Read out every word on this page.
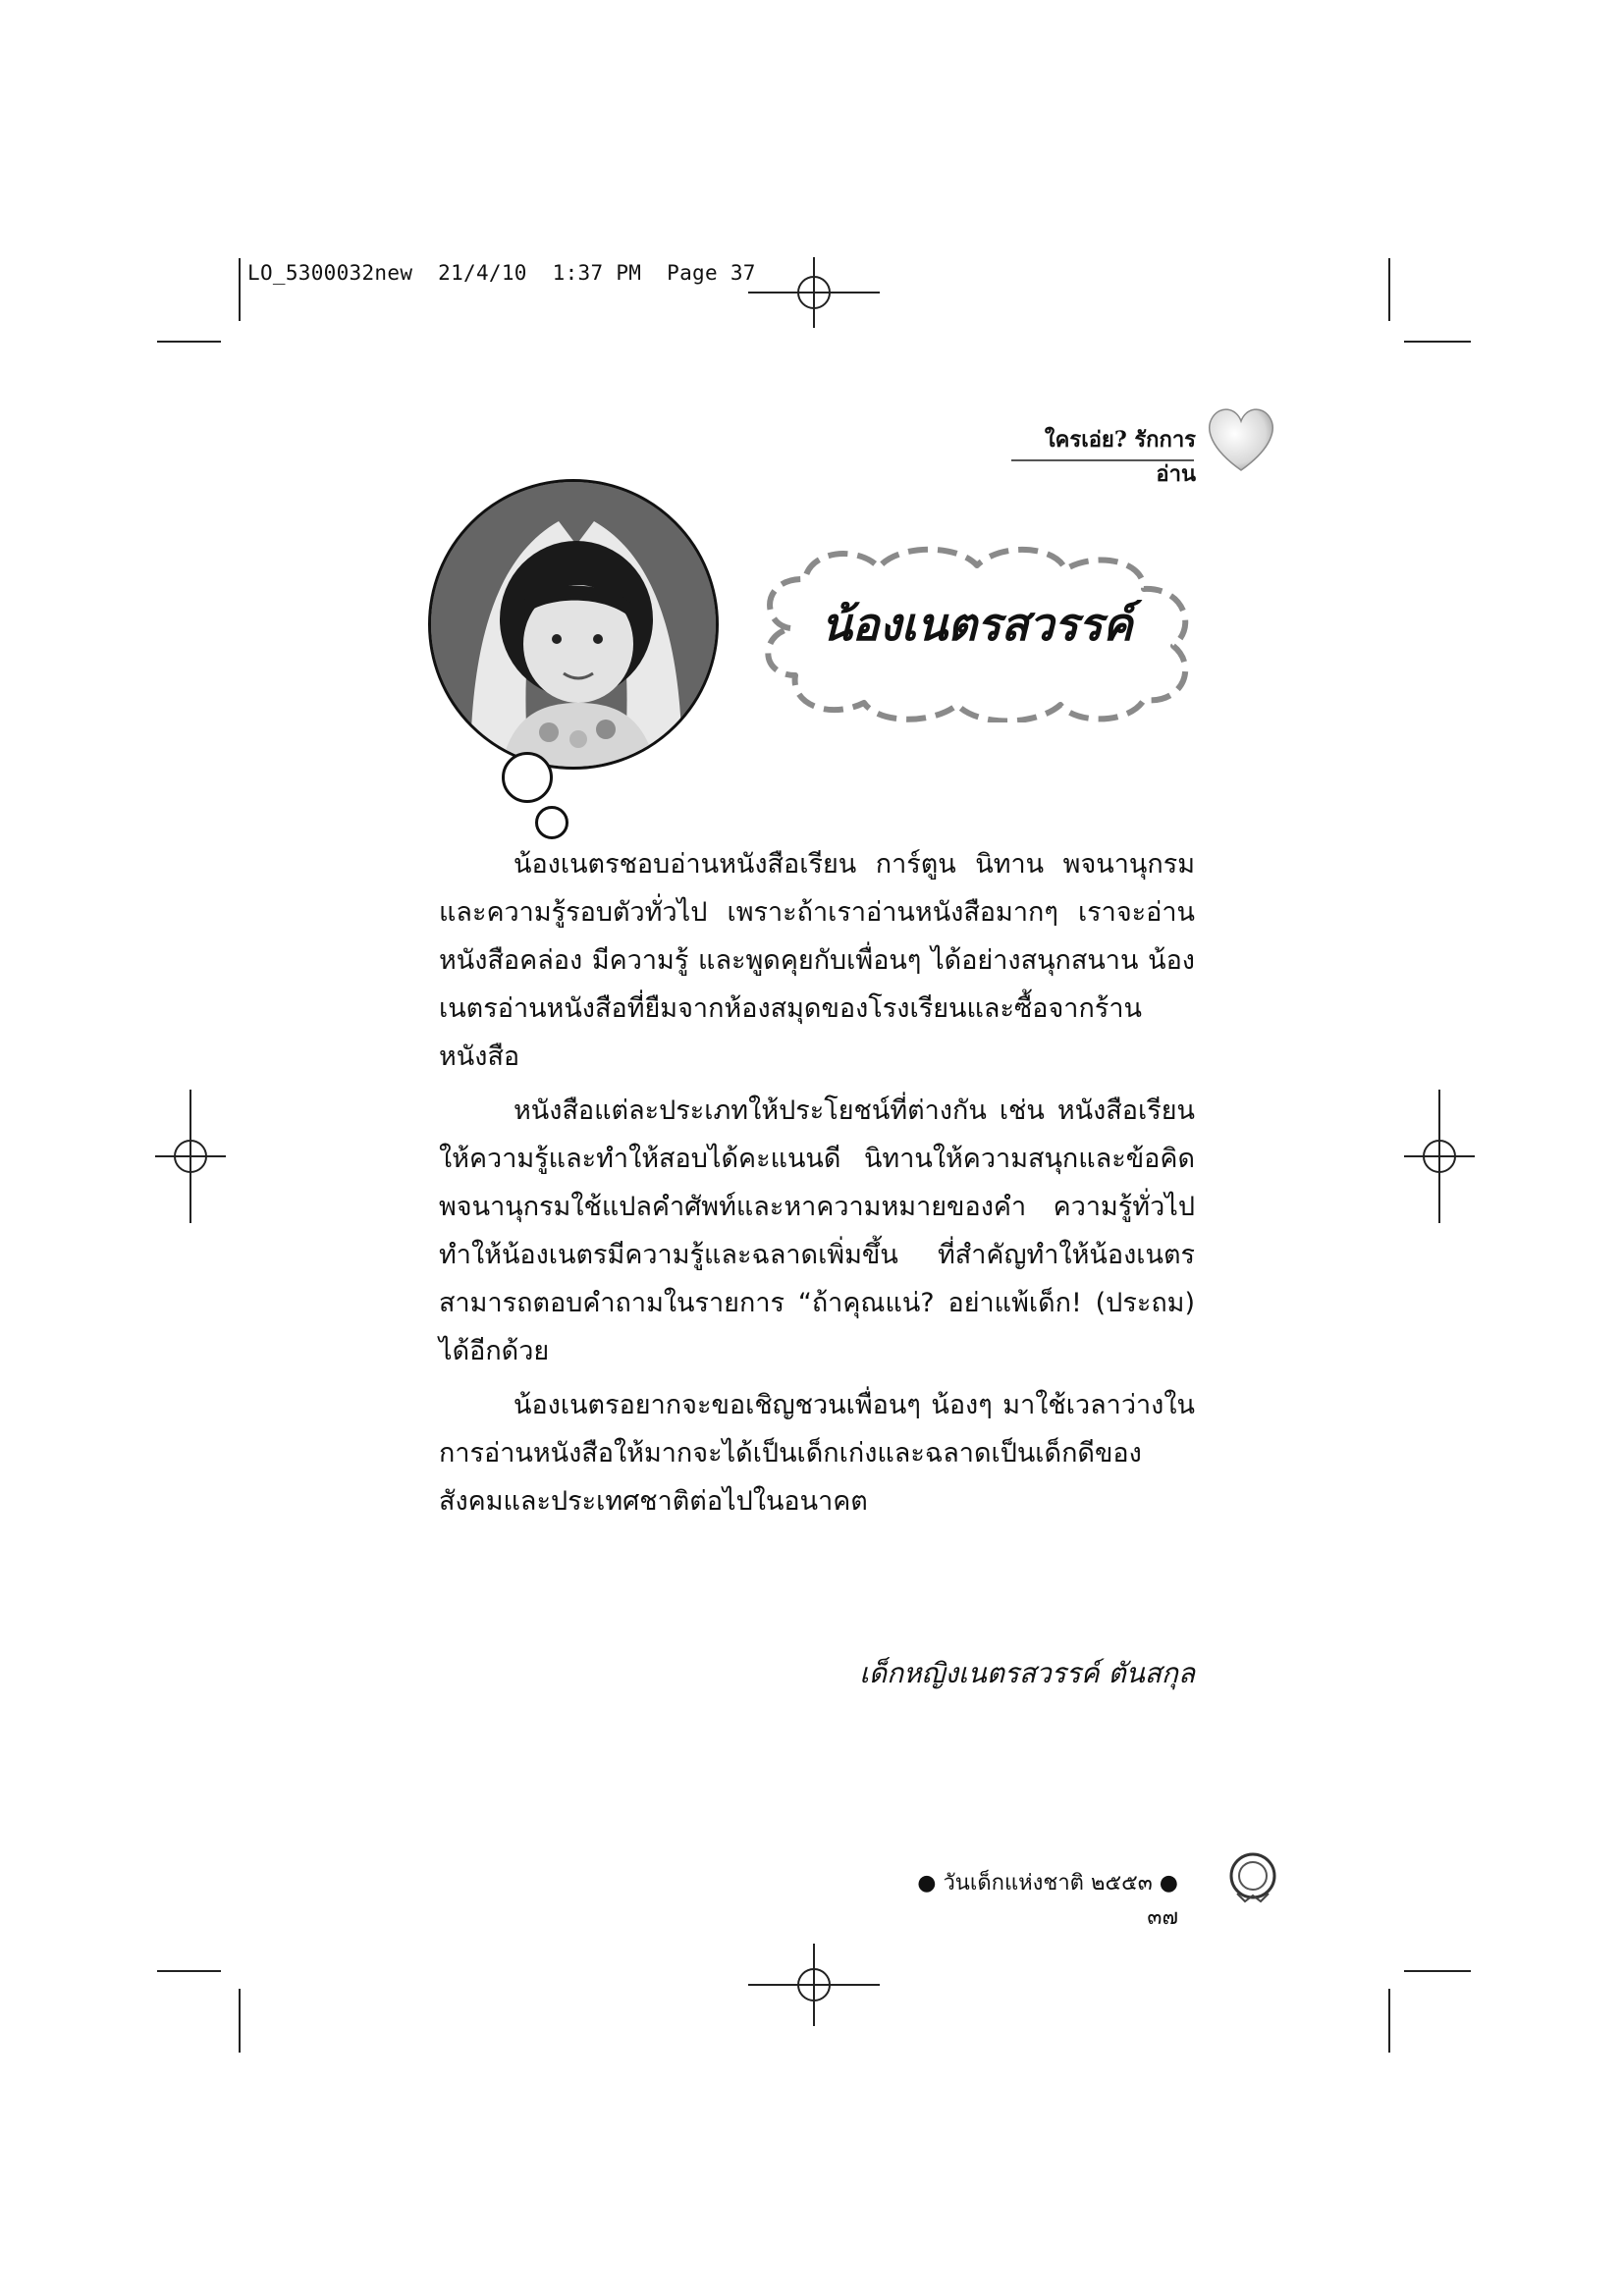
LO_5300032new  21/4/10  1:37 PM  Page 37
ใครเอ่ย? รักการอ่าน
น้องเนตรสวรรค์

น้องเนตรชอบอ่านหนังสือเรียน การ์ตูน นิทาน พจนานุกรม และความรู้รอบตัวทั่วไป เพราะถ้าเราอ่านหนังสือมากๆ เราจะอ่านหนังสือคล่อง มีความรู้ และพูดคุยกับเพื่อนๆ ได้อย่างสนุกสนาน น้องเนตรอ่านหนังสือที่ยืมจากห้องสมุดของโรงเรียนและซื้อจากร้านหนังสือ

หนังสือแต่ละประเภทให้ประโยชน์ที่ต่างกัน เช่น หนังสือเรียนให้ความรู้และทำให้สอบได้คะแนนดี นิทานให้ความสนุกและข้อคิด พจนานุกรมใช้แปลคำศัพท์และหาความหมายของคำ ความรู้ทั่วไปทำให้น้องเนตรมีความรู้และฉลาดเพิ่มขึ้น ที่สำคัญทำให้น้องเนตรสามารถตอบคำถามในรายการ “ถ้าคุณแน่? อย่าแพ้เด็ก! (ประถม) ได้อีกด้วย

น้องเนตรอยากจะขอเชิญชวนเพื่อนๆ น้องๆ มาใช้เวลาว่างในการอ่านหนังสือให้มากจะได้เป็นเด็กเก่งและฉลาดเป็นเด็กดีของสังคมและประเทศชาติต่อไปในอนาคต

เด็กหญิงเนตรสวรรค์ ตันสกุล
● วันเด็กแห่งชาติ ๒๕๕๓ ● ๓๗
